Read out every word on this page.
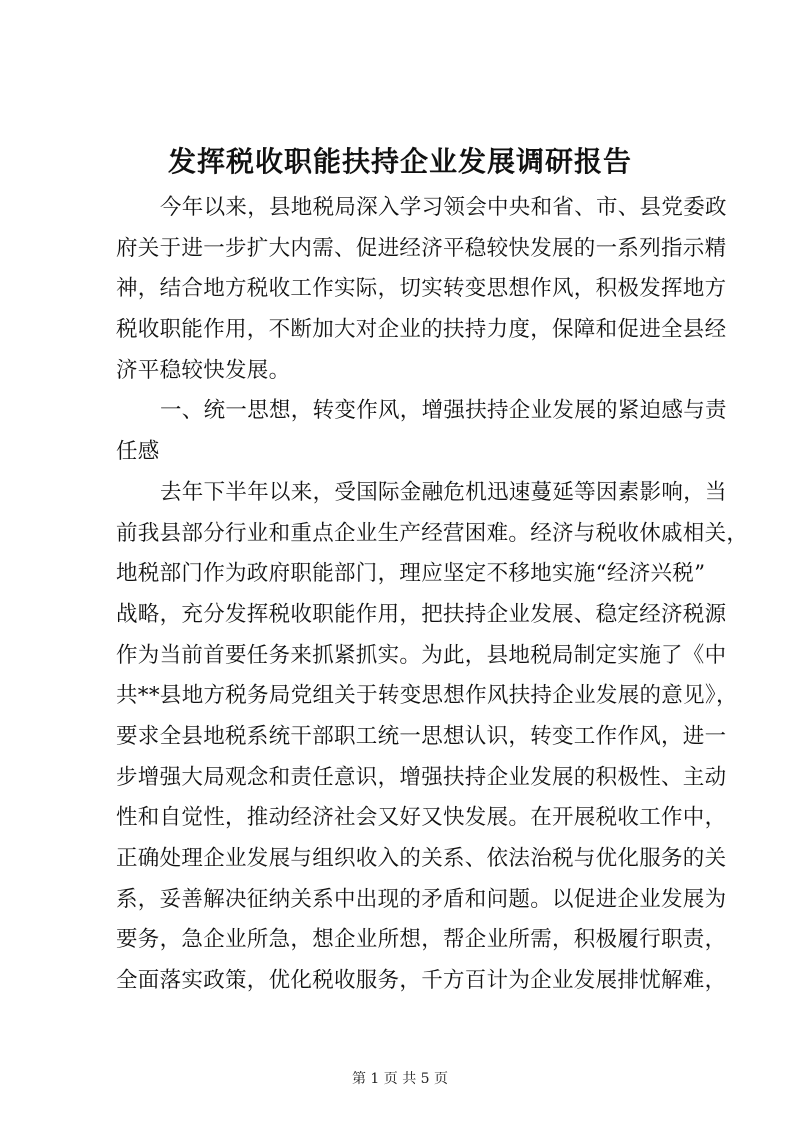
发挥税收职能扶持企业发展调研报告
今年以来，县地税局深入学习领会中央和省、市、县党委政
府关于进一步扩大内需、促进经济平稳较快发展的一系列指示精
神，结合地方税收工作实际，切实转变思想作风，积极发挥地方
税收职能作用，不断加大对企业的扶持力度，保障和促进全县经
济平稳较快发展。
一、统一思想，转变作风，增强扶持企业发展的紧迫感与责
任感
去年下半年以来，受国际金融危机迅速蔓延等因素影响，当
前我县部分行业和重点企业生产经营困难。经济与税收休戚相关，
地税部门作为政府职能部门，理应坚定不移地实施“经济兴税”
战略，充分发挥税收职能作用，把扶持企业发展、稳定经济税源
作为当前首要任务来抓紧抓实。为此，县地税局制定实施了《中
共**县地方税务局党组关于转变思想作风扶持企业发展的意见》，
要求全县地税系统干部职工统一思想认识，转变工作作风，进一
步增强大局观念和责任意识，增强扶持企业发展的积极性、主动
性和自觉性，推动经济社会又好又快发展。在开展税收工作中，
正确处理企业发展与组织收入的关系、依法治税与优化服务的关
系，妥善解决征纳关系中出现的矛盾和问题。以促进企业发展为
要务，急企业所急，想企业所想，帮企业所需，积极履行职责，
全面落实政策，优化税收服务，千方百计为企业发展排忧解难，
第 1 页 共 5 页
